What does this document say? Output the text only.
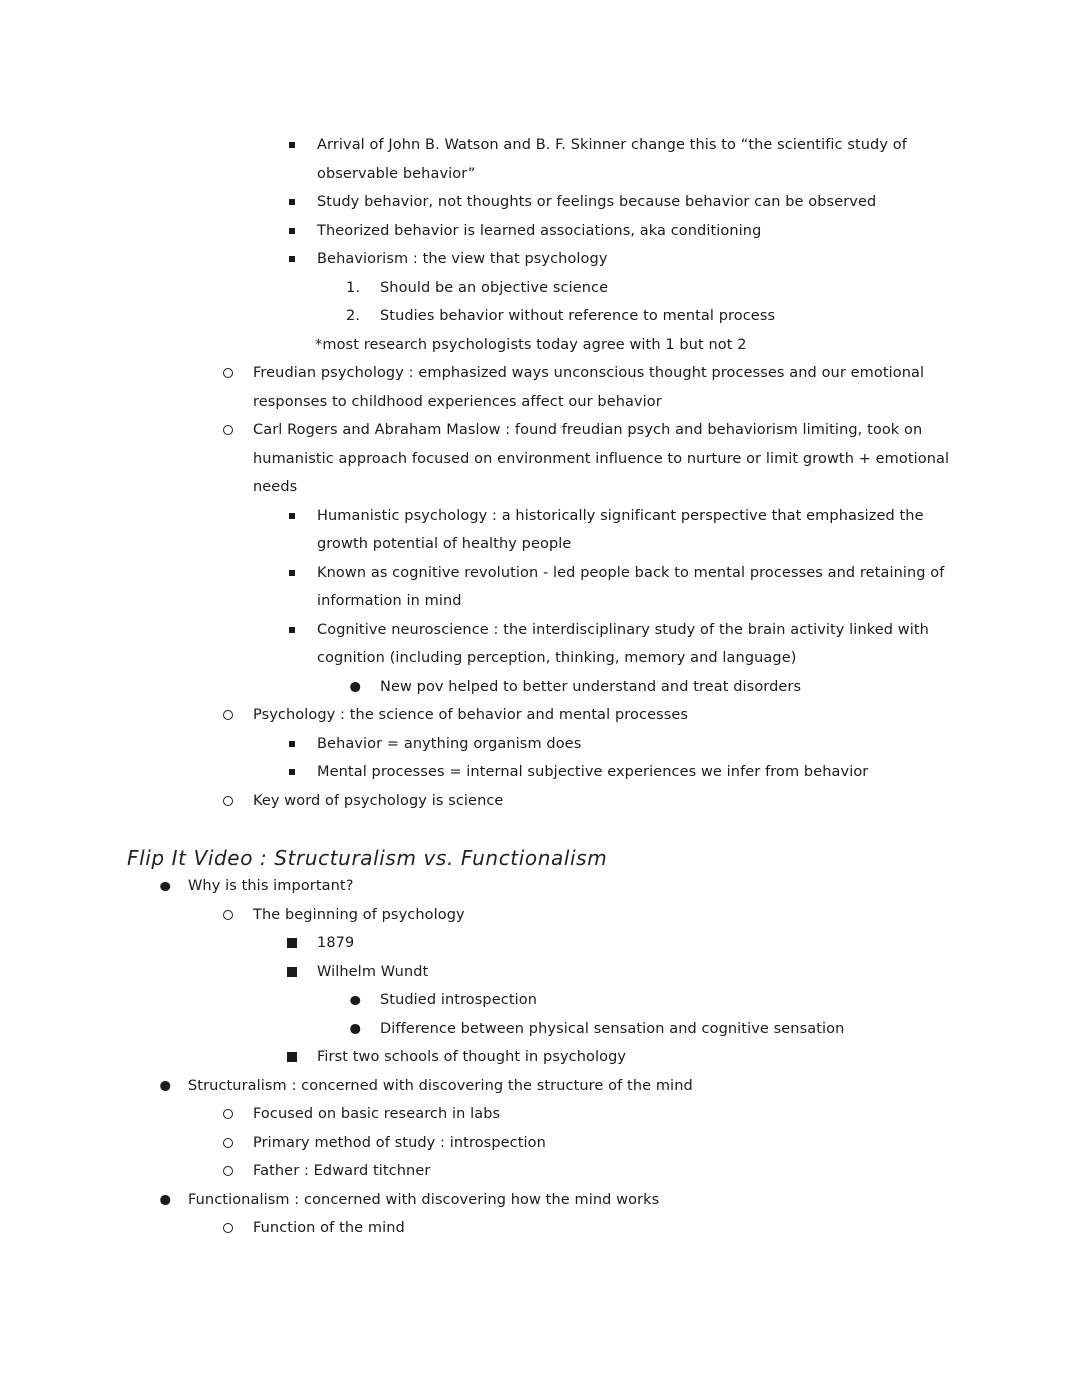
Arrival of John B. Watson and B. F. Skinner change this to “the scientific study of observable behavior”
Study behavior, not thoughts or feelings because behavior can be observed
Theorized behavior is learned associations, aka conditioning
Behaviorism : the view that psychology
1. Should be an objective science
2. Studies behavior without reference to mental process
*most research psychologists today agree with 1 but not 2
Freudian psychology : emphasized ways unconscious thought processes and our emotional responses to childhood experiences affect our behavior
Carl Rogers and Abraham Maslow : found freudian psych and behaviorism limiting, took on humanistic approach focused on environment influence to nurture or limit growth + emotional needs
Humanistic psychology : a historically significant perspective that emphasized the growth potential of healthy people
Known as cognitive revolution - led people back to mental processes and retaining of information in mind
Cognitive neuroscience : the interdisciplinary study of the brain activity linked with cognition (including perception, thinking, memory and language)
New pov helped to better understand and treat disorders
Psychology : the science of behavior and mental processes
Behavior = anything organism does
Mental processes = internal subjective experiences we infer from behavior
Key word of psychology is science
Flip It Video : Structuralism vs. Functionalism
Why is this important?
The beginning of psychology
1879
Wilhelm Wundt
Studied introspection
Difference between physical sensation and cognitive sensation
First two schools of thought in psychology
Structuralism : concerned with discovering the structure of the mind
Focused on basic research in labs
Primary method of study : introspection
Father : Edward titchner
Functionalism : concerned with discovering how the mind works
Function of the mind
